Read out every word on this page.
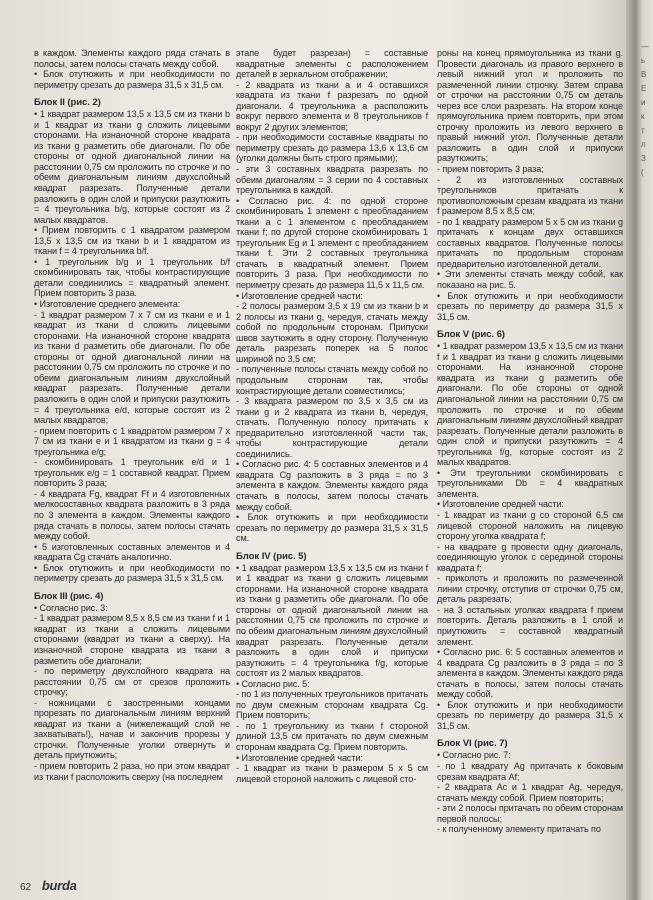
в каждом. Элементы каждого ряда стачать в полосы, затем полосы стачать между собой.

• Блок отутюжить и при необходимости по периметру срезать до размера 31,5 х 31,5 см.

Блок II (рис. 2)

• 1 квадрат размером 13,5 х 13,5 см из ткани b и 1 квадрат из ткани g сложить лицевыми сторонами. На изнаночной стороне квадрата из ткани g разметить обе диагонали. По обе стороны от одной диагональной линии на расстоянии 0,75 см проложить по строчке и по обеим диагональным линиям двухслойный квадрат разрезать. Полученные детали разложить в один слой и припуски разутюжить = 4 треугольника b/g, которые состоят из 2 малых квадратов.

• Прием повторить с 1 квадратом размером 13,5 х 13,5 см из ткани b и 1 квадратом из ткани f = 4 треугольника b/f.

• 1 треугольник b/g и 1 треугольник b/f скомбинировать так, чтобы контрастирующие детали соединились = квадратный элемент. Прием повторить 3 раза.

• Изготовление среднего элемента:

- 1 квадрат размером 7 х 7 см из ткани e и 1 квадрат из ткани d сложить лицевыми сторонами. На изнаночной стороне квадрата из ткани d разметить обе диагонали. По обе стороны от одной диагональной линии на расстоянии 0,75 см проложить по строчке и по обеим диагональным линиям двухслойный квадрат разрезать. Полученные детали разложить в один слой и припуски разутюжить = 4 треугольника e/d, которые состоят из 2 малых квадратов;

- прием повторить с 1 квадратом размером 7 х 7 см из ткани e и 1 квадратом из ткани g = 4 треугольника e/g;

- скомбинировать 1 треугольник e/d и 1 треугольник e/g = 1 составной квадрат. Прием повторить 3 раза;

- 4 квадрата Fg, квадрат Ff и 4 изготовленных мелкосоставных квадрата разложить в 3 ряда по 3 элемента в каждом. Элементы каждого ряда стачать в полосы, затем полосы стачать между собой.

• 5 изготовленных составных элементов и 4 квадрата Cg стачать аналогично.

• Блок отутюжить и при необходимости по периметру срезать до размера 31,5 х 31,5 см.

Блок III (рис. 4)

• Согласно рис. 3:

- 1 квадрат размером 8,5 х 8,5 см из ткани f и 1 квадрат из ткани a сложить лицевыми сторонами (квадрат из ткани a сверху). На изнаночной стороне квадрата из ткани a разметить обе диагонали;

- по периметру двухслойного квадрата на расстоянии 0,75 см от срезов проложить строчку;

- ножницами с заостренными концами прорезать по диагональным линиям верхний квадрат из ткани a (нижележащий слой не захватывать!), начав и закончив прорезы у строчки. Полученные уголки отвернуть и деталь приутюжить;

- прием повторить 2 раза, но при этом квадрат из ткани f расположить сверху (на последнем

этапе будет разрезан) = составные квадратные элементы с расположением деталей в зеркальном отображении;

- 2 квадрата из ткани a и 4 оставшихся квадрата из ткани f разрезать по одной диагонали. 4 треугольника a расположить вокруг первого элемента и 8 треугольников f вокруг 2 других элементов;

- при необходимости составные квадраты по периметру срезать до размера 13,6 х 13,6 см (уголки должны быть строго прямыми);

- эти 3 составных квадрата разрезать по обеим диагоналям = 3 серии по 4 составных треугольника в каждой.

• Согласно рис. 4: по одной стороне скомбинировать 1 элемент с преобладанием ткани a с 1 элементом с преобладанием ткани f; по другой стороне скомбинировать 1 треугольник Eg и 1 элемент с преобладанием ткани f. Эти 2 составных треугольника стачать в квадратный элемент. Прием повторить 3 раза. При необходимости по периметру срезать до размера 11,5 х 11,5 см.

• Изготовление средней части:

- 2 полосы размером 3,5 х 19 см из ткани b и 2 полосы из ткани g, чередуя, стачать между собой по продольным сторонам. Припуски швов заутюжить в одну сторону. Полученную деталь разрезать поперек на 5 полос шириной по 3,5 см;

- полученные полосы стачать между собой по продольным сторонам так, чтобы контрастирующие детали совместились;

- 3 квадрата размером по 3,5 х 3,5 см из ткани g и 2 квадрата из ткани b, чередуя, стачать. Полученную полосу притачать к предварительно изготовленной части так, чтобы контрастирующие детали соединились.

• Согласно рис. 4: 5 составных элементов и 4 квадрата Cg разложить в 3 ряда = по 3 элемента в каждом. Элементы каждого ряда стачать в полосы, затем полосы стачать между собой.

• Блок отутюжить и при необходимости срезать по периметру до размера 31,5 х 31,5 см.

Блок IV (рис. 5)

• 1 квадрат размером 13,5 х 13,5 см из ткани f и 1 квадрат из ткани g сложить лицевыми сторонами. На изнаночной стороне квадрата из ткани g разметить обе диагонали. По обе стороны от одной диагональной линии на расстоянии 0,75 см проложить по строчке и по обеим диагональным линиям двухслойный квадрат разрезать. Полученные детали разложить в один слой и припуски разутюжить = 4 треугольника f/g, которые состоят из 2 малых квадратов.

• Согласно рис. 5:

- по 1 из полученных треугольников притачать по двум смежным сторонам квадрата Cg. Прием повторить;

- по 1 треугольнику из ткани f стороной длиной 13,5 см притачать по двум смежным сторонам квадрата Cg. Прием повторить.

• Изготовление средней части:

- 1 квадрат из ткани b размером 5 х 5 см лицевой стороной наложить с лицевой сто-

роны на конец прямоугольника из ткани g. Провести диагональ из правого верхнего в левый нижний угол и проложить по размеченной линии строчку. Затем справа от строчки на расстоянии 0,75 см деталь через все слои разрезать. На втором конце прямоугольника прием повторить, при этом строчку проложить из левого верхнего в правый нижний угол. Полученные детали разложить в один слой и припуски разутюжить;

- прием повторить 3 раза;

- 2 из изготовленных составных треугольников притачать к противоположным срезам квадрата из ткани f размером 8,5 х 8,5 см;

- по 1 квадрату размером 5 х 5 см из ткани g притачать к концам двух оставшихся составных квадратов. Полученные полосы притачать по продольным сторонам предварительно изготовленной детали.

• Эти элементы стачать между собой, как показано на рис. 5.

• Блок отутюжить и при необходимости срезать по периметру до размера 31,5 х 31,5 см.

Блок V (рис. 6)

• 1 квадрат размером 13,5 х 13,5 см из ткани f и 1 квадрат из ткани g сложить лицевыми сторонами. На изнаночной стороне квадрата из ткани g разметить обе диагонали. По обе стороны от одной диагональной линии на расстоянии 0,75 см проложить по строчке и по обеим диагональным линиям двухслойный квадрат разрезать. Полученные детали разложить в один слой и припуски разутюжить = 4 треугольника f/g, которые состоят из 2 малых квадратов.

• Эти треугольники скомбинировать с треугольниками Db = 4 квадратных элемента.

• Изготовление средней части:

- 1 квадрат из ткани g со стороной 6,5 см лицевой стороной наложить на лицевую сторону уголка квадрата f;

- на квадрате g провести одну диагональ, соединяющую уголок с серединой стороны квадрата f;

- приколоть и проложить по размеченной линии строчку, отступив от строчки 0,75 см, деталь разрезать;

- на 3 остальных уголках квадрата f прием повторить. Деталь разложить в 1 слой и приутюжить = составной квадратный элемент.

• Согласно рис. 6: 5 составных элементов и 4 квадрата Cg разложить в 3 ряда = по 3 элемента в каждом. Элементы каждого ряда стачать в полосы, затем полосы стачать между собой.

• Блок отутюжить и при необходимости срезать по периметру до размера 31,5 х 31,5 см.

Блок VI (рис. 7)

• Согласно рис. 7:

- по 1 квадрату Ag притачать к боковым срезам квадрата Af;

- 2 квадрата Ac и 1 квадрат Ag, чередуя, стачать между собой. Прием повторить;

- эти 2 полосы притачать по обеим сторонам первой полосы;

- к полученному элементу притачать по

62 burda
—
ь
В
Е
и
к
т
л
З
(
